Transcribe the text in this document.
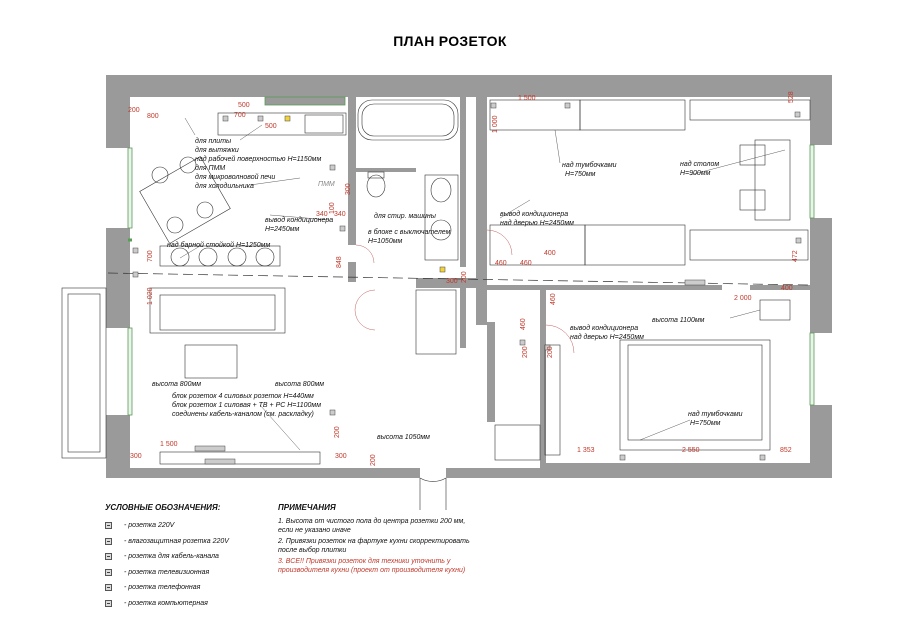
для плиты
для вытяжки
над рабочей поверхностью H=1150мм
для ПММ
для микроволновой печи
для холодильника
вывод кондиционера
H=2450мм
над барной стойкой H=1250мм
для стир. машины
в блоке с выключателем
H=1050мм
ПММ
вывод кондиционера
над дверью H=2450мм
над тумбочками
H=750мм
над столом
H=900мм
вывод кондиционера
над дверью H=2450мм
высота 1100мм
над тумбочками
H=750мм
высота 800мм	высота 800мм
блок розеток 4 силовых розеток H=440мм
блок розеток 1 силовая + ТВ + РС H=1100мм
соединены кабель-каналом (см. раскладку)
высота 1050мм
500
200
800	700
500
100
300
340 340
700
1 020
848
300 200
1 500
1 000
528
460 460
400	472
400
2 000
460
460
200	200
1 500
300
200
300	200
1 353	2 550	852
ПЛАН РОЗЕТОК
УСЛОВНЫЕ ОБОЗНАЧЕНИЯ:
- розетка 220V
- влагозащитная розетка 220V
- розетка для кабель-канала
- розетка телевизионная
- розетка телефонная
- розетка компьютерная
ПРИМЕЧАНИЯ
1. Высота от чистого пола до центра розетки 200 мм, если не указано иначе
2. Привязки розеток на фартуке кухни скорректировать после выбор плитки
3. ВСЕ!! Привязки розеток для техники уточнить у производителя кухни (проект от производителя кухни)
